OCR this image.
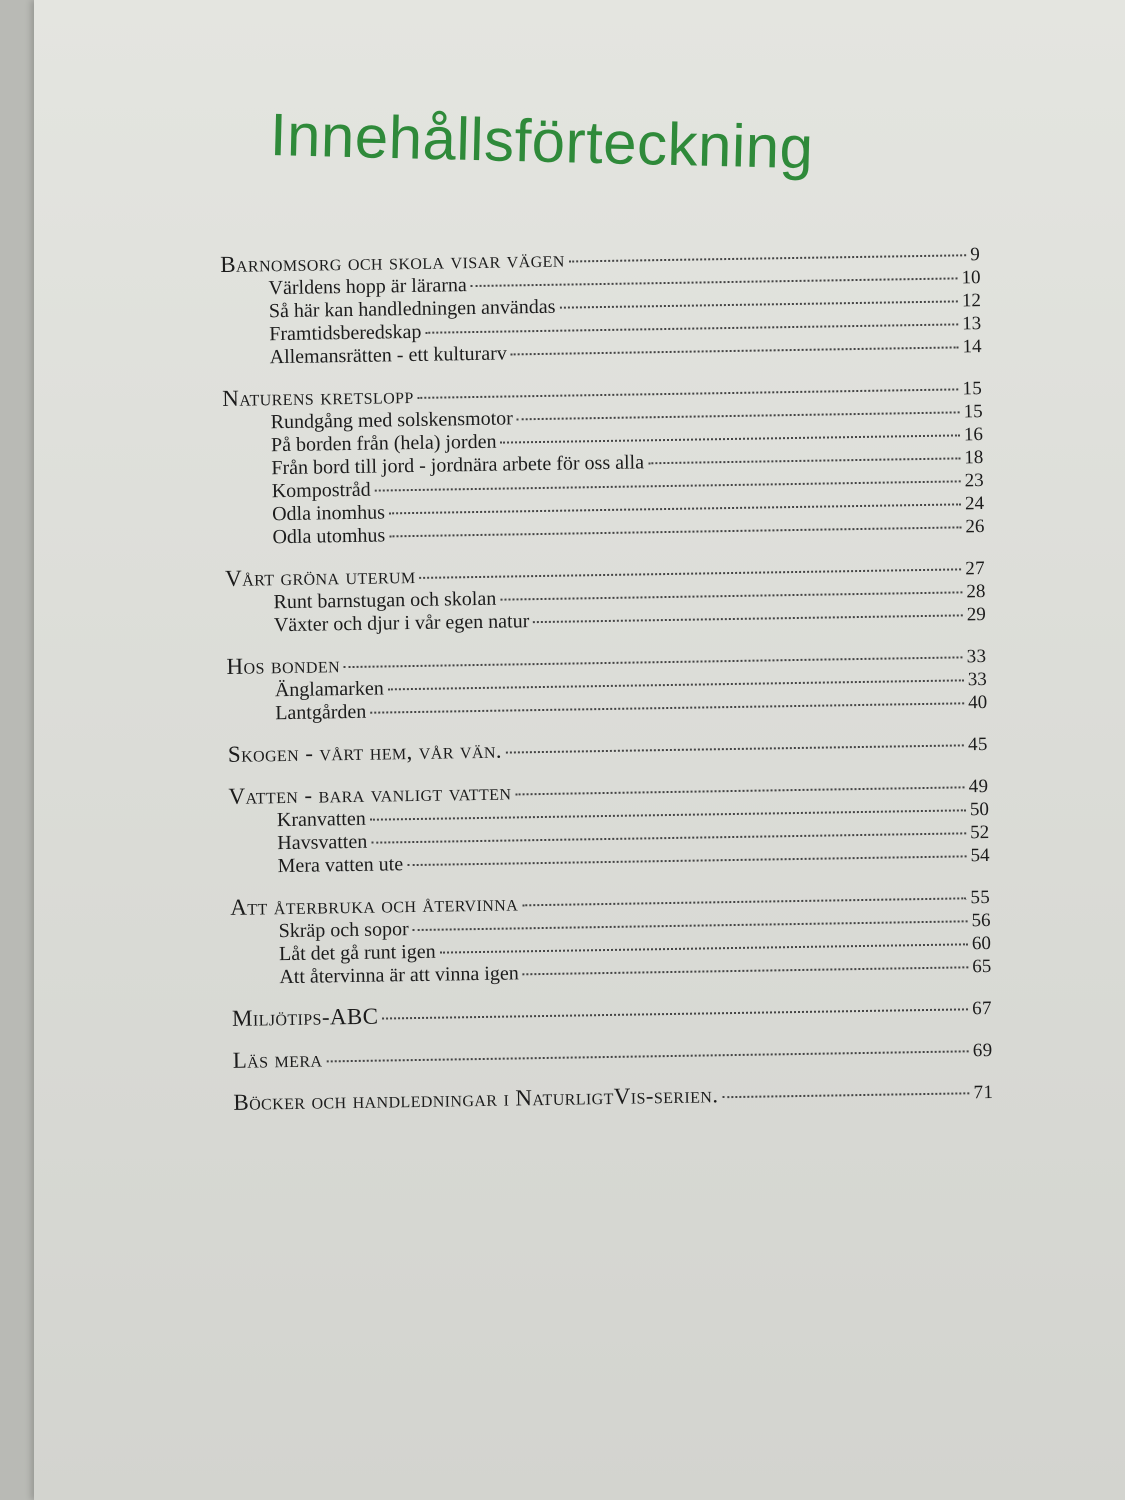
Innehållsförteckning
Barnomsorg och skola visar vägen	9
Världens hopp är lärarna	10
Så här kan handledningen användas	12
Framtidsberedskap	13
Allemansrätten - ett kulturarv	14
Naturens kretslopp	15
Rundgång med solskensmotor	15
På borden från (hela) jorden	16
Från bord till jord - jordnära arbete för oss alla	18
Kompostråd	23
Odla inomhus	24
Odla utomhus	26
Vårt gröna uterum	27
Runt barnstugan och skolan	28
Växter och djur i vår egen natur	29
Hos bonden	33
Änglamarken	33
Lantgården	40
Skogen - vårt hem, vår vän.	45
Vatten - bara vanligt vatten	49
Kranvatten	50
Havsvatten	52
Mera vatten ute	54
Att återbruka och återvinna	55
Skräp och sopor	56
Låt det gå runt igen	60
Att återvinna är att vinna igen	65
Miljötips-ABC	67
Läs mera	69
Böcker och handledningar i NaturligtVis-serien.	71
